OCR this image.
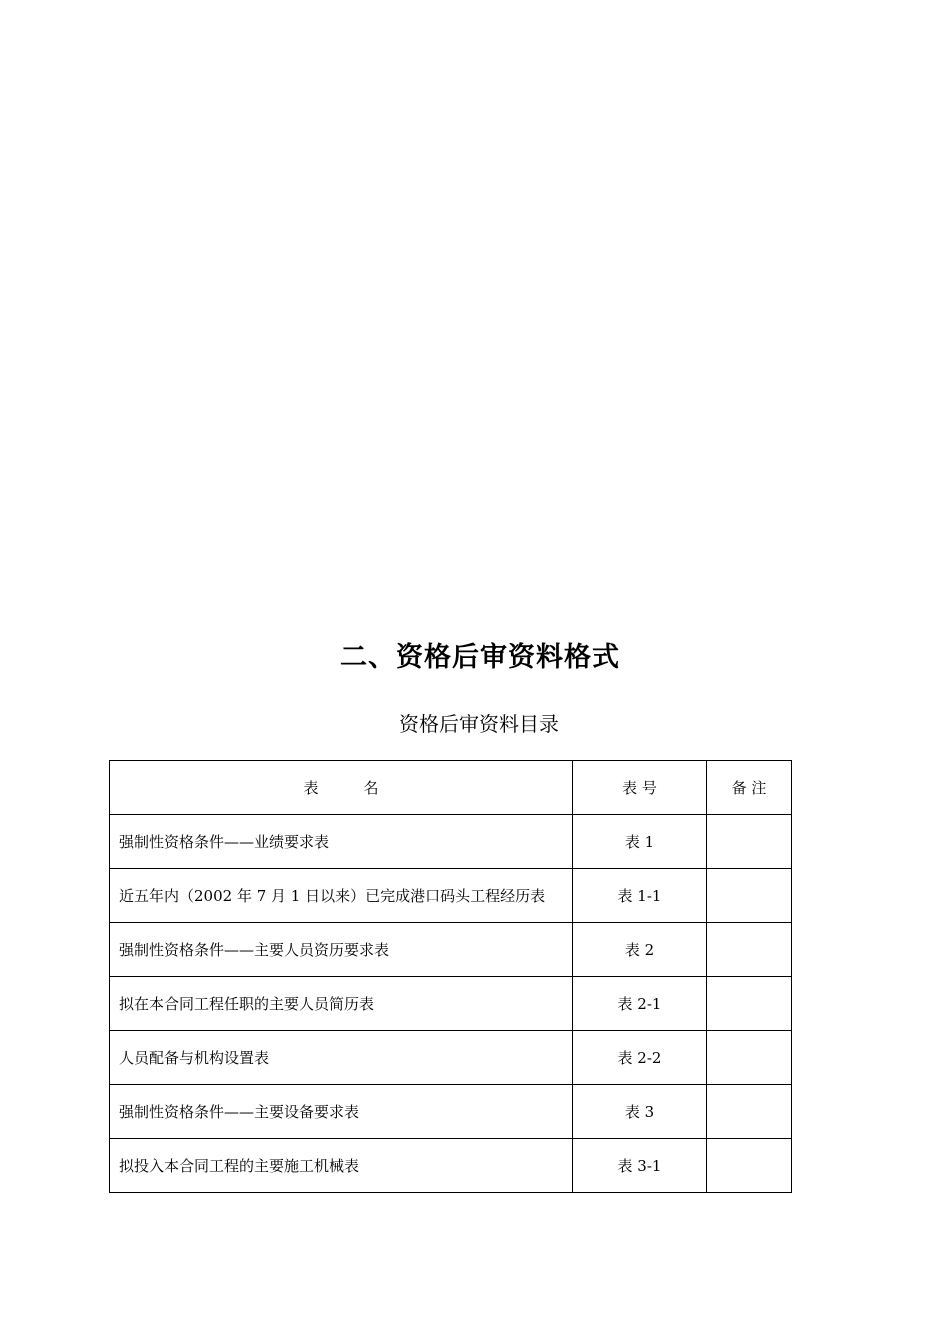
二、资格后审资料格式
资格后审资料目录
表　　　名	表 号	备 注
强制性资格条件——业绩要求表	表 1	
近五年内（2002 年 7 月 1 日以来）已完成港口码头工程经历表	表 1-1	
强制性资格条件——主要人员资历要求表	表 2	
拟在本合同工程任职的主要人员简历表	表 2-1	
人员配备与机构设置表	表 2-2	
强制性资格条件——主要设备要求表	表 3	
拟投入本合同工程的主要施工机械表	表 3-1	
